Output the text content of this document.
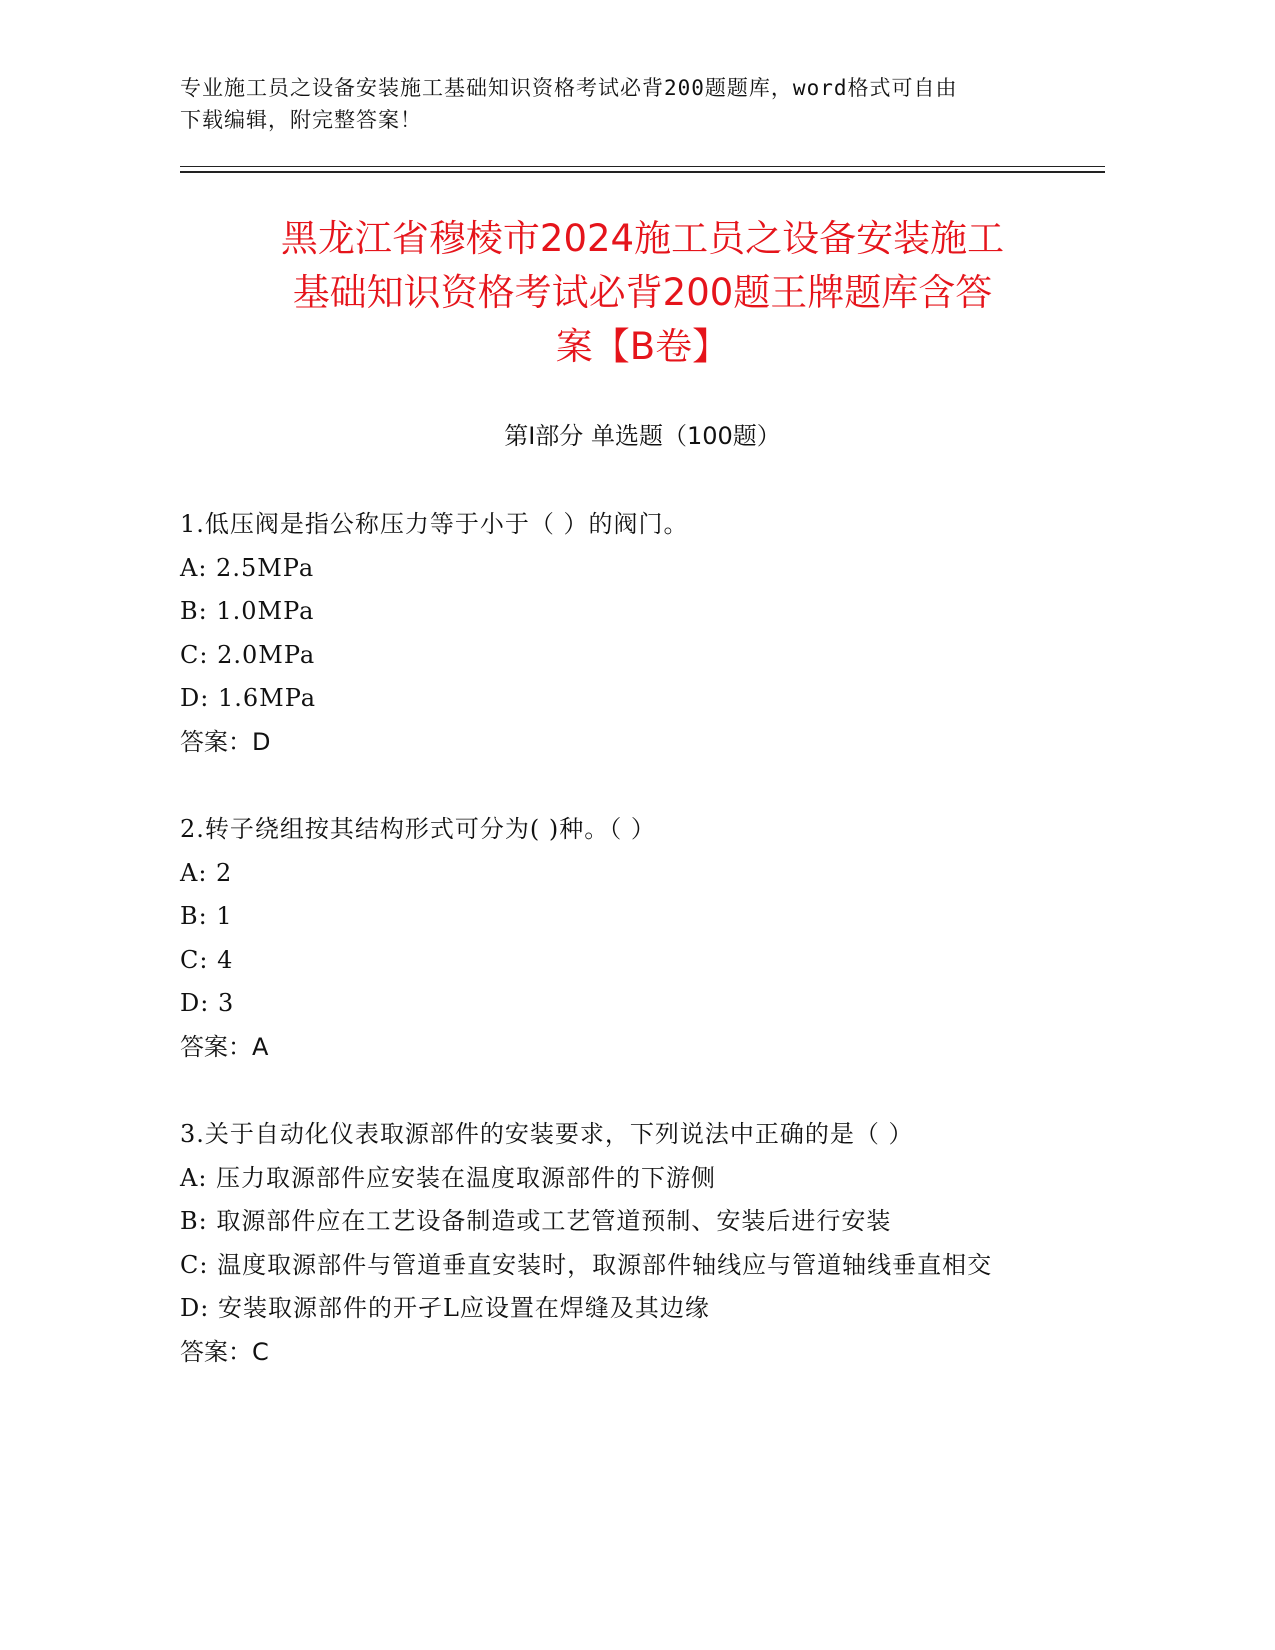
专业施工员之设备安装施工基础知识资格考试必背200题题库，word格式可自由
下载编辑，附完整答案！
黑龙江省穆棱市2024施工员之设备安装施工
基础知识资格考试必背200题王牌题库含答
案【B卷】
第Ⅰ部分 单选题（100题）
1.低压阀是指公称压力等于小于（ ）的阀门。
A: 2.5MPa
B: 1.0MPa
C: 2.0MPa
D: 1.6MPa
答案：D
2.转子绕组按其结构形式可分为( )种。（ ）
A: 2
B: 1
C: 4
D: 3
答案：A
3.关于自动化仪表取源部件的安装要求，下列说法中正确的是（ ）
A: 压力取源部件应安装在温度取源部件的下游侧
B: 取源部件应在工艺设备制造或工艺管道预制、安装后进行安装
C: 温度取源部件与管道垂直安装时，取源部件轴线应与管道轴线垂直相交
D: 安装取源部件的开孑L应设置在焊缝及其边缘
答案：C
